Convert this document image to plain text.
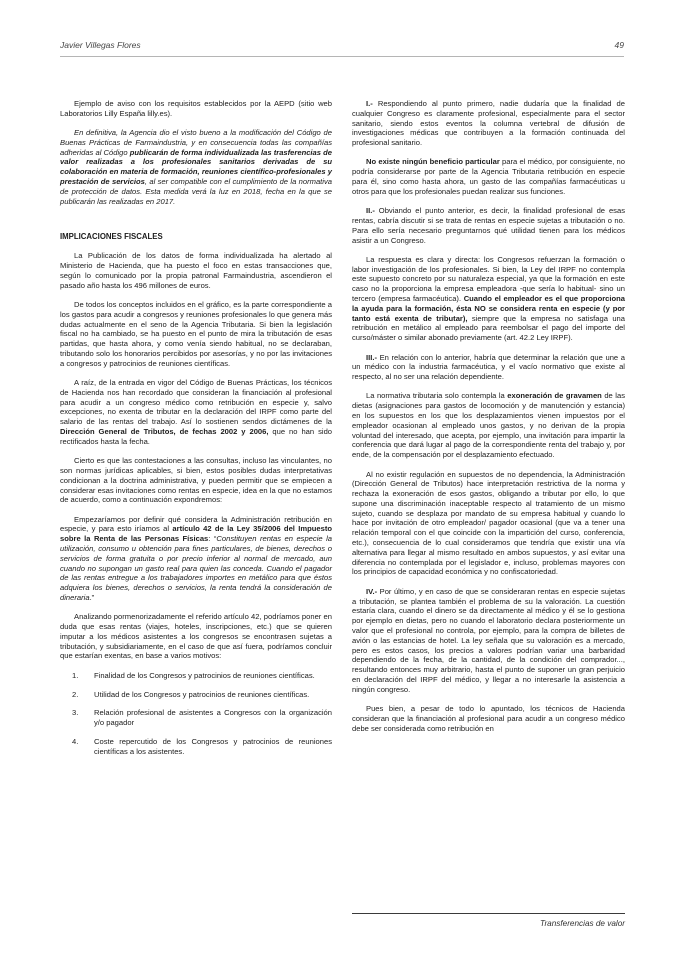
Javier Villegas Flores	49

Ejemplo de aviso con los requisitos establecidos por la AEPD (sitio web Laboratorios Lilly España lilly.es).

En definitiva, la Agencia dio el visto bueno a la modificación del Código de Buenas Prácticas de Farmaindustria, y en consecuencia todas las compañías adheridas al Código publicarán de forma individualizada las trasferencias de valor realizadas a los profesionales sanitarios derivadas de su colaboración en materia de formación, reuniones científico-profesionales y prestación de servicios, al ser compatible con el cumplimiento de la normativa de protección de datos. Esta medida verá la luz en 2018, fecha en la que se publicarán las realizadas en 2017.

IMPLICACIONES FISCALES

La Publicación de los datos de forma individualizada ha alertado al Ministerio de Hacienda, que ha puesto el foco en estas transacciones que, según lo comunicado por la propia patronal Farmaindustria, ascendieron el pasado año hasta los 496 millones de euros.

De todos los conceptos incluidos en el gráfico, es la parte correspondiente a los gastos para acudir a congresos y reuniones profesionales lo que genera más dudas actualmente en el seno de la Agencia Tributaria. Si bien la legislación fiscal no ha cambiado, se ha puesto en el punto de mira la tributación de esas partidas, que hasta ahora, y como venía siendo habitual, no se declaraban, tributando solo los honorarios percibidos por asesorías, y no por las invitaciones a congresos y patrocinios de reuniones científicas.

A raíz, de la entrada en vigor del Código de Buenas Prácticas, los técnicos de Hacienda nos han recordado que consideran la financiación al profesional para acudir a un congreso médico como retribución en especie y, salvo excepciones, no exenta de tributar en la declaración del IRPF como parte del salario de las rentas del trabajo. Así lo sostienen sendos dictámenes de la Dirección General de Tributos, de fechas 2002 y 2006, que no han sido rectificados hasta la fecha.

Cierto es que las contestaciones a las consultas, incluso las vinculantes, no son normas jurídicas aplicables, si bien, estos posibles dudas interpretativas condicionan a la doctrina administrativa, y pueden permitir que se empiecen a considerar esas invitaciones como rentas en especie, idea en la que no estamos de acuerdo, como a continuación expondremos:

Empezaríamos por definir qué considera la Administración retribución en especie, y para esto iríamos al artículo 42 de la Ley 35/2006 del Impuesto sobre la Renta de las Personas Físicas: “Constituyen rentas en especie la utilización, consumo u obtención para fines particulares, de bienes, derechos o servicios de forma gratuita o por precio inferior al normal de mercado, aun cuando no supongan un gasto real para quien las conceda. Cuando el pagador de las rentas entregue a los trabajadores importes en metálico para que éstos adquiera los bienes, derechos o servicios, la renta tendrá la consideración de dineraria.”

Analizando pormenorizadamente el referido artículo 42, podríamos poner en duda que esas rentas (viajes, hoteles, inscripciones, etc.) que se quieren imputar a los médicos asistentes a los congresos se encontrasen sujetas a tributación, y subsidiariamente, en el caso de que así fuera, podríamos concluir que estarían exentas, en base a varios motivos:

1. Finalidad de los Congresos y patrocinios de reuniones científicas.
2. Utilidad de los Congresos y patrocinios de reuniones científicas.
3. Relación profesional de asistentes a Congresos con la organización y/o pagador
4. Coste repercutido de los Congresos y patrocinios de reuniones científicas a los asistentes.

I.- Respondiendo al punto primero, nadie dudaría que la finalidad de cualquier Congreso es claramente profesional, especialmente para el sector sanitario, siendo estos eventos la columna vertebral de difusión de investigaciones médicas que contribuyen a la formación continuada del profesional sanitario.

No existe ningún beneficio particular para el médico, por consiguiente, no podría considerarse por parte de la Agencia Tributaria retribución en especie para él, sino como hasta ahora, un gasto de las compañías farmacéuticas u otros para que los profesionales puedan realizar sus funciones.

II.- Obviando el punto anterior, es decir, la finalidad profesional de esas rentas, cabría discutir si se trata de rentas en especie sujetas a tributación o no. Para ello sería necesario preguntarnos qué utilidad tienen para los médicos asistir a un Congreso.

La respuesta es clara y directa: los Congresos refuerzan la formación o labor investigación de los profesionales. Si bien, la Ley del IRPF no contempla este supuesto concreto por su naturaleza especial, ya que la formación en este caso no la proporciona la empresa empleadora -que sería lo habitual- sino un tercero (empresa farmacéutica). Cuando el empleador es el que proporciona la ayuda para la formación, ésta NO se considera renta en especie (y por tanto está exenta de tributar), siempre que la empresa no satisfaga una retribución en metálico al empleado para reembolsar el pago del importe del curso/máster o similar abonado previamente (art. 42.2 Ley IRPF).

III.- En relación con lo anterior, habría que determinar la relación que une a un médico con la industria farmacéutica, y el vacío normativo que existe al respecto, al no ser una relación dependiente.

La normativa tributaria solo contempla la exoneración de gravamen de las dietas (asignaciones para gastos de locomoción y de manutención y estancia) en los supuestos en los que los desplazamientos vienen impuestos por el empleador ocasionan al empleado unos gastos, y no derivan de la propia voluntad del interesado, que acepta, por ejemplo, una invitación para impartir la conferencia que dará lugar al pago de la correspondiente renta del trabajo y, por ende, de la compensación por el desplazamiento efectuado.

Al no existir regulación en supuestos de no dependencia, la Administración (Dirección General de Tributos) hace interpretación restrictiva de la norma y rechaza la exoneración de esos gastos, obligando a tributar por ello, lo que supone una discriminación inaceptable respecto al tratamiento de un mismo sujeto, cuando se desplaza por mandato de su empresa habitual y cuando lo hace por invitación de otro empleador/ pagador ocasional (que va a tener una relación temporal con el que coincide con la impartición del curso, conferencia, etc.), consecuencia de lo cual consideramos que tendría que existir una vía alternativa para llegar al mismo resultado en ambos supuestos, y así evitar una diferencia no contemplada por el legislador e, incluso, problemas mayores con los principios de capacidad económica y no confiscatoriedad.

IV.- Por último, y en caso de que se consideraran rentas en especie sujetas a tributación, se plantea también el problema de su la valoración. La cuestión estaría clara, cuando el dinero se da directamente al médico y él se lo gestiona por ejemplo en dietas, pero no cuando el laboratorio declara posteriormente un valor que el profesional no controla, por ejemplo, para la compra de billetes de avión o las estancias de hotel. La ley señala que su valoración es a mercado, pero es estos casos, los precios a valores podrían variar una barbaridad dependiendo de la fecha, de la cantidad, de la condición del comprador..., resultando entonces muy arbitrario, hasta el punto de suponer un gran perjuicio en declaración del IRPF del médico, y llegar a no interesarle la asistencia a ningún congreso.

Pues bien, a pesar de todo lo apuntado, los técnicos de Hacienda consideran que la financiación al profesional para acudir a un congreso médico debe ser considerada como retribución en

Transferencias de valor
